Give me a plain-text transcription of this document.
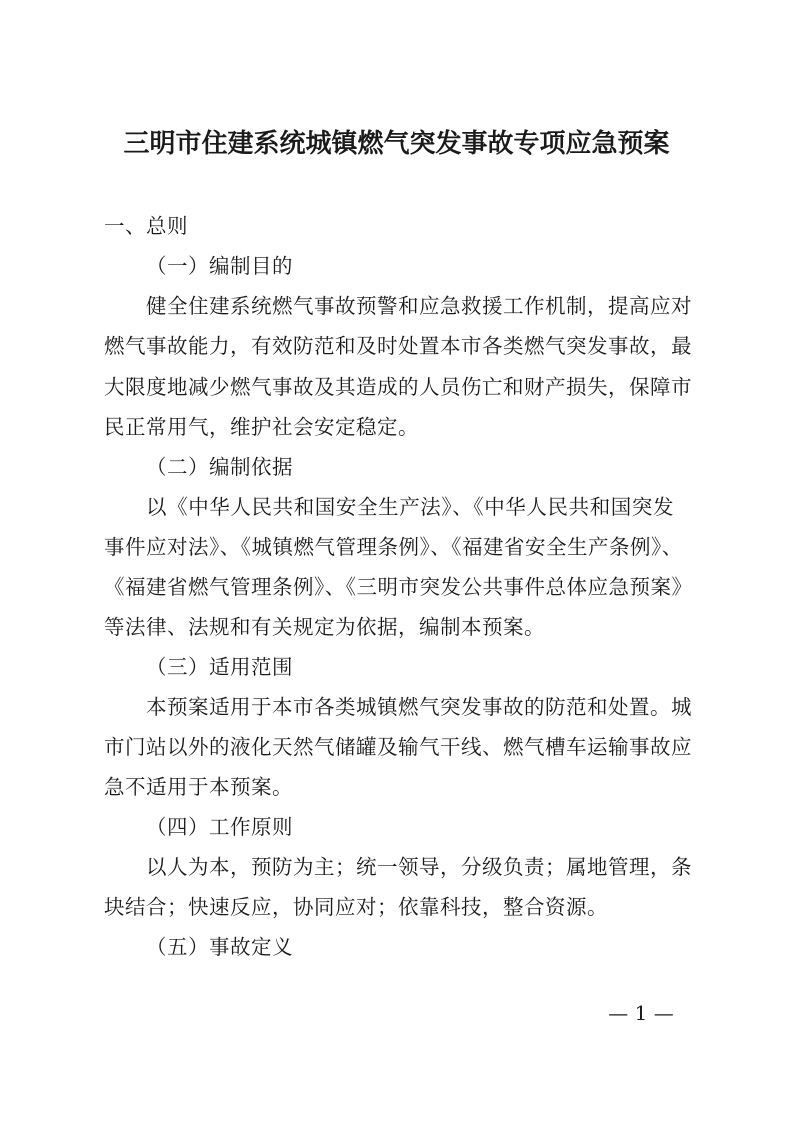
三明市住建系统城镇燃气突发事故专项应急预案
一、总则
（一）编制目的
健全住建系统燃气事故预警和应急救援工作机制，提高应对
燃气事故能力，有效防范和及时处置本市各类燃气突发事故，最
大限度地减少燃气事故及其造成的人员伤亡和财产损失，保障市
民正常用气，维护社会安定稳定。
（二）编制依据
以《中华人民共和国安全生产法》、《中华人民共和国突发
事件应对法》、《城镇燃气管理条例》、《福建省安全生产条例》、
《福建省燃气管理条例》、《三明市突发公共事件总体应急预案》
等法律、法规和有关规定为依据，编制本预案。
（三）适用范围
本预案适用于本市各类城镇燃气突发事故的防范和处置。城
市门站以外的液化天然气储罐及输气干线、燃气槽车运输事故应
急不适用于本预案。
（四）工作原则
以人为本，预防为主；统一领导，分级负责；属地管理，条
块结合；快速反应，协同应对；依靠科技，整合资源。
（五）事故定义
— 1 —
